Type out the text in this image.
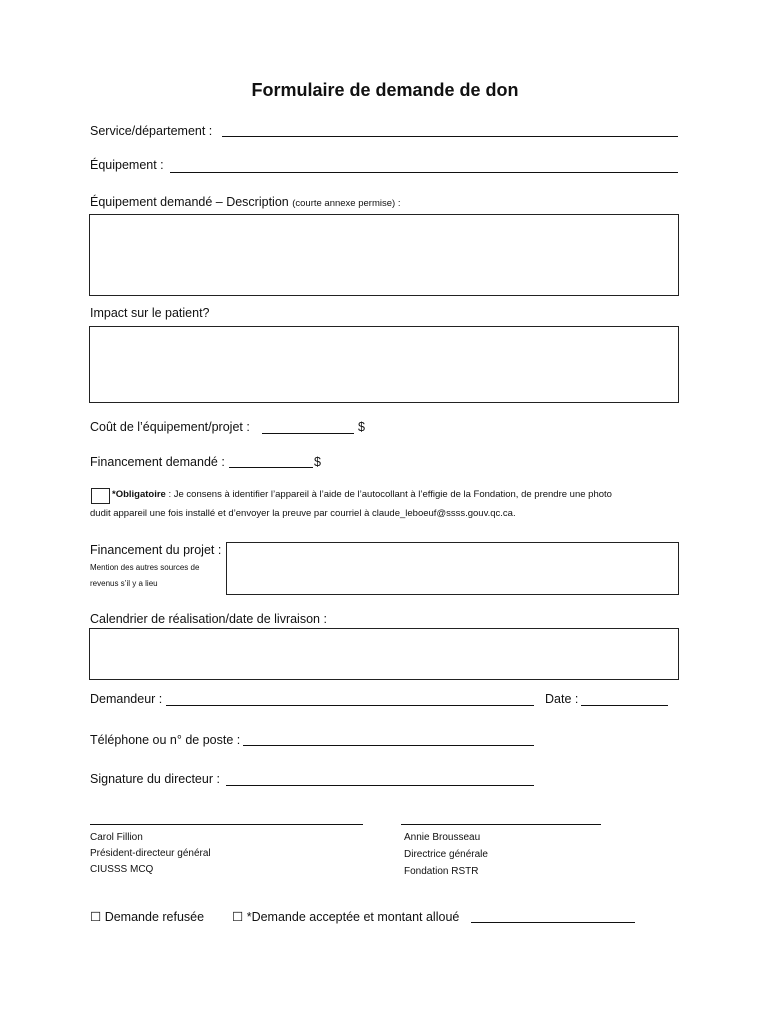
Formulaire de demande de don
Service/département :
Équipement :
Équipement demandé – Description (courte annexe permise) :
Impact sur le patient?
Coût de l’équipement/projet :	$
Financement demandé :	$
*Obligatoire : Je consens à identifier l’appareil à l’aide de l’autocollant à l’effigie de la Fondation, de prendre une photo
dudit appareil une fois installé et d’envoyer la preuve par courriel à claude_leboeuf@ssss.gouv.qc.ca.
Financement du projet :
Mention des autres sources de
revenus s’il y a lieu
Calendrier de réalisation/date de livraison :
Demandeur :	Date :
Téléphone ou n° de poste :
Signature du directeur :
Carol Fillion
Président-directeur général
CIUSSS MCQ
Annie Brousseau
Directrice générale
Fondation RSTR
☐ Demande refusée ☐ *Demande acceptée et montant alloué
